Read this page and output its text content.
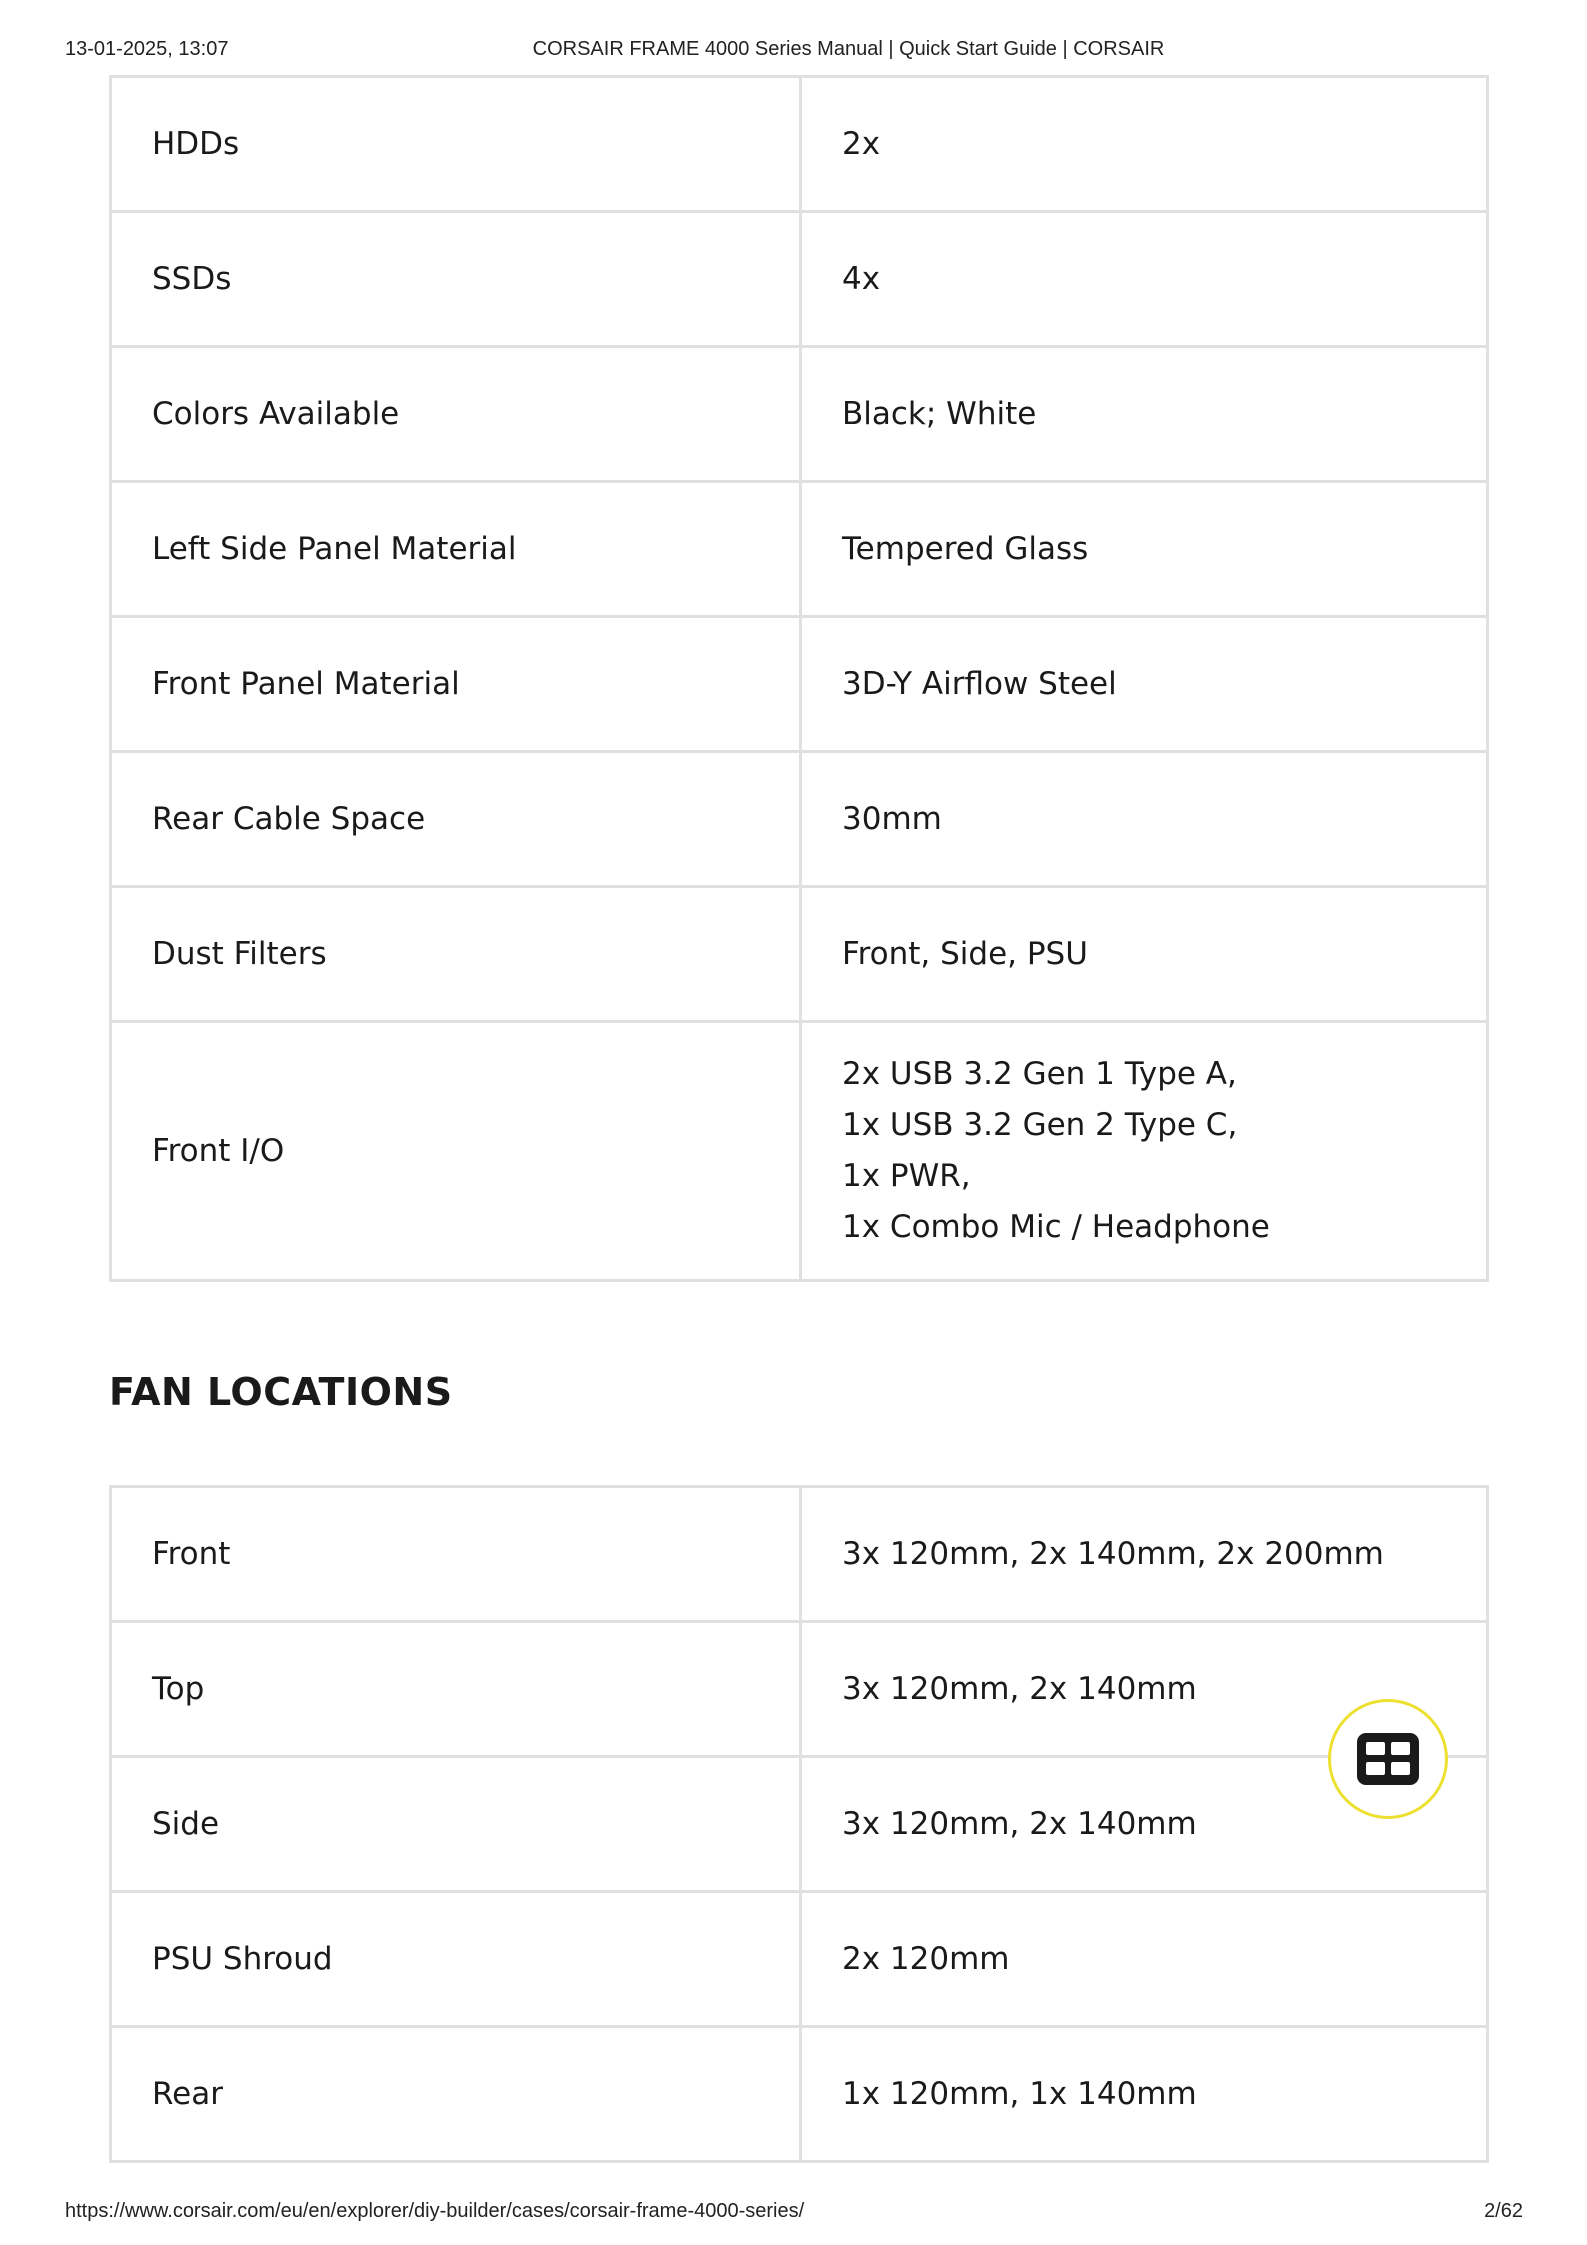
13-01-2025, 13:07	CORSAIR FRAME 4000 Series Manual | Quick Start Guide | CORSAIR
HDDs	2x
SSDs	4x
Colors Available	Black; White
Left Side Panel Material	Tempered Glass
Front Panel Material	3D-Y Airflow Steel
Rear Cable Space	30mm
Dust Filters	Front, Side, PSU
Front I/O	2x USB 3.2 Gen 1 Type A,
1x USB 3.2 Gen 2 Type C,
1x PWR,
1x Combo Mic / Headphone
FAN LOCATIONS
Front	3x 120mm, 2x 140mm, 2x 200mm
Top	3x 120mm, 2x 140mm
Side	3x 120mm, 2x 140mm
PSU Shroud	2x 120mm
Rear	1x 120mm, 1x 140mm
https://www.corsair.com/eu/en/explorer/diy-builder/cases/corsair-frame-4000-series/	2/62
